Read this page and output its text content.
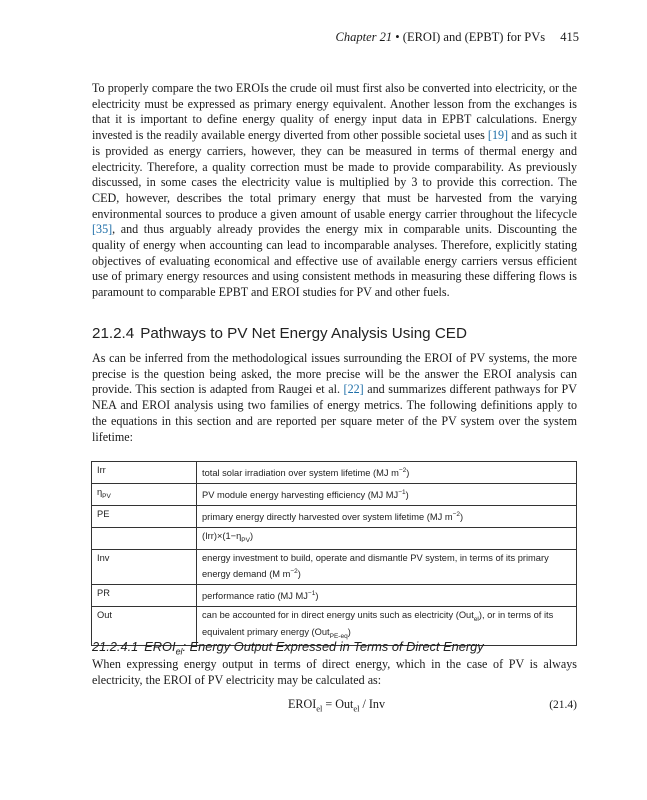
Chapter 21 • (EROI) and (EPBT) for PVs 415

To properly compare the two EROIs the crude oil must first also be converted into electricity, or the electricity must be expressed as primary energy equivalent. Another lesson from the exchanges is that it is important to define energy quality of energy input data in EPBT calculations. Energy invested is the readily available energy diverted from other possible societal uses [19] and as such it is provided as energy carriers, however, they can be measured in terms of thermal energy and electricity. Therefore, a quality correction must be made to provide comparability. As previously discussed, in some cases the electricity value is multiplied by 3 to provide this correction. The CED, however, describes the total primary energy that must be harvested from the varying environmental sources to produce a given amount of usable energy carrier throughout the lifecycle [35], and thus arguably already provides the energy mix in comparable units. Discounting the quality of energy when accounting can lead to incomparable analyses. Therefore, explicitly stating objectives of evaluating economical and effective use of available energy carriers versus efficient use of primary energy resources and using consistent methods in measuring these differing flows is paramount to comparable EPBT and EROI studies for PV and other fuels.

21.2.4 Pathways to PV Net Energy Analysis Using CED

As can be inferred from the methodological issues surrounding the EROI of PV systems, the more precise is the question being asked, the more precise will be the answer the EROI analysis can provide. This section is adapted from Raugei et al. [22] and summarizes different pathways for PV NEA and EROI analysis using two families of energy metrics. The following definitions apply to the equations in this section and are reported per square meter of the PV system over the system lifetime:

Irr	total solar irradiation over system lifetime (MJ $m^{-2}$)
$\eta_{PV}$	PV module energy harvesting efficiency (MJ $MJ^{-1}$)
PE	primary energy directly harvested over system lifetime (MJ $m^{-2}$)
	$(Irr)\times(1-\eta_{PV})$
Inv	energy investment to build, operate and dismantle PV system, in terms of its primary energy demand (M $m^{-2}$)
PR	performance ratio (MJ $MJ^{-1}$)
Out	can be accounted for in direct energy units such as electricity (Out$_{el}$), or in terms of its equivalent primary energy (Out$_{PE-eq}$)
21.2.4.1 $EROI_{el}$: Energy Output Expressed in Terms of Direct Energy

When expressing energy output in terms of direct energy, which in the case of PV is always electricity, the EROI of PV electricity may be calculated as:

$EROI_{el} = Out_{el}$ / Inv	(21.4)
